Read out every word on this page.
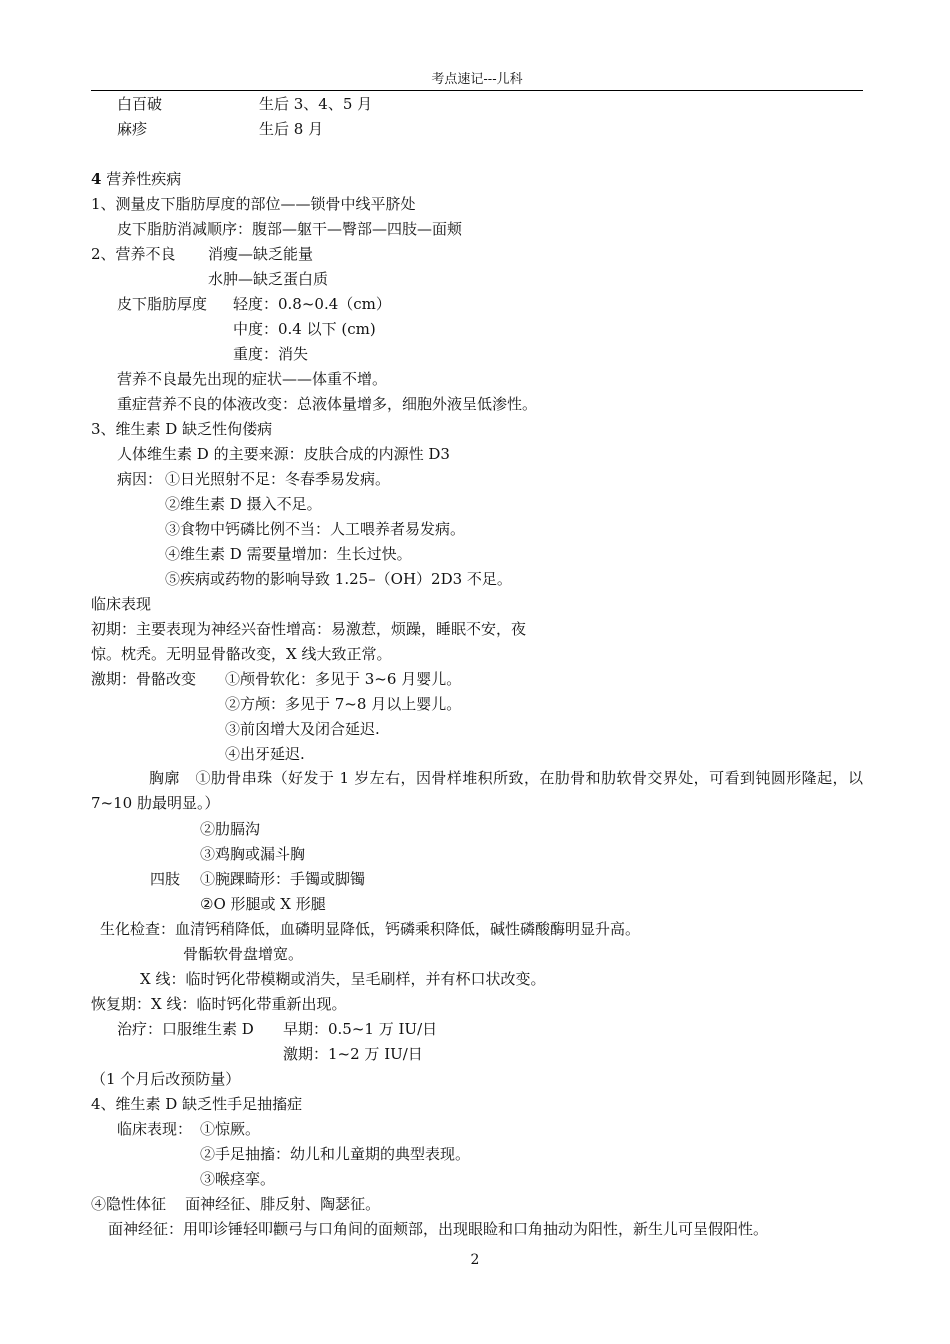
考点速记---儿科
白百破	生后 3、4、5 月
麻疹	生后 8 月
4 营养性疾病
1、测量皮下脂肪厚度的部位——锁骨中线平脐处
皮下脂肪消减顺序：腹部—躯干—臀部—四肢—面颊
2、营养不良 消瘦—缺乏能量
水肿—缺乏蛋白质
皮下脂肪厚度 轻度：0.8~0.4（cm）
中度：0.4 以下 (cm)
重度：消失
营养不良最先出现的症状——体重不增。
重症营养不良的体液改变：总液体量增多，细胞外液呈低渗性。
3、维生素 D 缺乏性佝偻病
人体维生素 D 的主要来源：皮肤合成的内源性 D3
病因： ①日光照射不足：冬春季易发病。
②维生素 D 摄入不足。
③食物中钙磷比例不当：人工喂养者易发病。
④维生素 D 需要量增加：生长过快。
⑤疾病或药物的影响导致 1.25–（OH）2D3 不足。
临床表现
初期：主要表现为神经兴奋性增高：易激惹，烦躁，睡眠不安，夜
惊。枕秃。无明显骨骼改变，X 线大致正常。
激期：骨骼改变 ①颅骨软化：多见于 3~6 月婴儿。
②方颅：多见于 7~8 月以上婴儿。
③前囟增大及闭合延迟.
④出牙延迟.
胸廓 ①肋骨串珠（好发于 1 岁左右，因骨样堆积所致，在肋骨和肋软骨交界处，可看到钝圆形隆起，以 7~10 肋最明显。）
②肋膈沟
③鸡胸或漏斗胸
四肢 ①腕踝畸形：手镯或脚镯
②O 形腿或 X 形腿
生化检查：血清钙稍降低，血磷明显降低，钙磷乘积降低，碱性磷酸酶明显升高。
骨骺软骨盘增宽。
X 线：临时钙化带模糊或消失，呈毛刷样，并有杯口状改变。
恢复期：X 线：临时钙化带重新出现。
治疗：口服维生素 D 早期：0.5~1 万 IU/日
激期：1~2 万 IU/日
（1 个月后改预防量）
4、维生素 D 缺乏性手足抽搐症
临床表现： ①惊厥。
②手足抽搐：幼儿和儿童期的典型表现。
③喉痉挛。
④隐性体征    面神经征、腓反射、陶瑟征。
面神经征：用叩诊锤轻叩颧弓与口角间的面颊部，出现眼睑和口角抽动为阳性，新生儿可呈假阳性。
2
